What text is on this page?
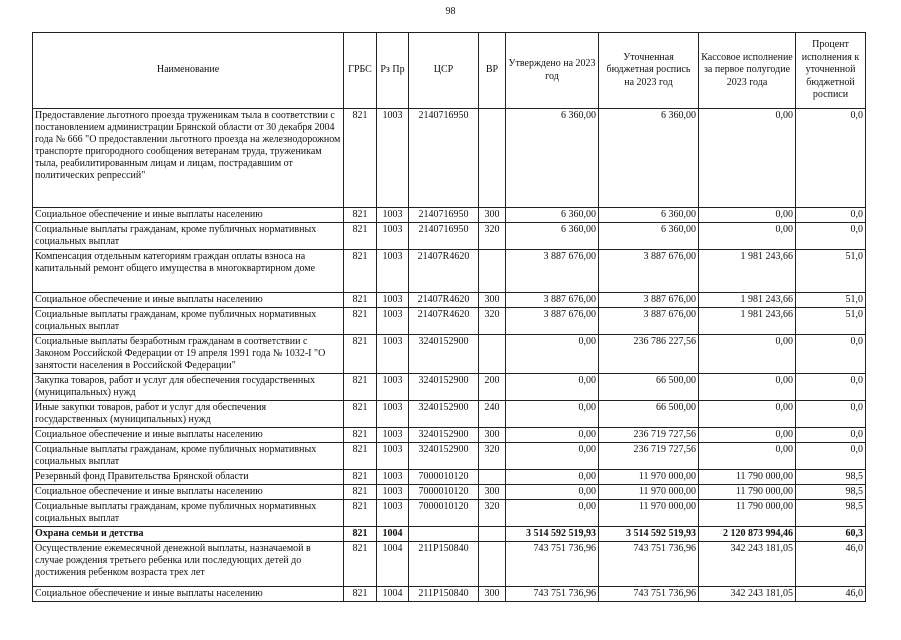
98
Наименование	ГРБС	Рз Пр	ЦСР	ВР	Утверждено на 2023 год	Уточненная бюджетная роспись на 2023 год	Кассовое исполнение за первое полугодие 2023 года	Процент исполнения к уточненной бюджетной росписи
Предоставление льготного проезда труженикам тыла в соответствии с постановлением администрации Брянской области от 30 декабря 2004 года № 666 "О предоставлении льготного проезда на железнодорожном транспорте пригородного сообщения ветеранам труда, труженикам тыла, реабилитированным лицам и лицам, пострадавшим от политических репрессий"	821	1003	2140716950		6 360,00	6 360,00	0,00	0,0
Социальное обеспечение и иные выплаты населению	821	1003	2140716950	300	6 360,00	6 360,00	0,00	0,0
Социальные выплаты гражданам, кроме публичных нормативных социальных выплат	821	1003	2140716950	320	6 360,00	6 360,00	0,00	0,0
Компенсация отдельным категориям граждан оплаты взноса на капитальный ремонт общего имущества в многоквартирном доме	821	1003	21407R4620		3 887 676,00	3 887 676,00	1 981 243,66	51,0
Социальное обеспечение и иные выплаты населению	821	1003	21407R4620	300	3 887 676,00	3 887 676,00	1 981 243,66	51,0
Социальные выплаты гражданам, кроме публичных нормативных социальных выплат	821	1003	21407R4620	320	3 887 676,00	3 887 676,00	1 981 243,66	51,0
Социальные выплаты безработным гражданам в соответствии с Законом Российской Федерации от 19 апреля 1991 года № 1032-I "О занятости населения в Российской Федерации"	821	1003	3240152900		0,00	236 786 227,56	0,00	0,0
Закупка товаров, работ и услуг для обеспечения государственных (муниципальных) нужд	821	1003	3240152900	200	0,00	66 500,00	0,00	0,0
Иные закупки товаров, работ и услуг для обеспечения государственных (муниципальных) нужд	821	1003	3240152900	240	0,00	66 500,00	0,00	0,0
Социальное обеспечение и иные выплаты населению	821	1003	3240152900	300	0,00	236 719 727,56	0,00	0,0
Социальные выплаты гражданам, кроме публичных нормативных социальных выплат	821	1003	3240152900	320	0,00	236 719 727,56	0,00	0,0
Резервный фонд Правительства Брянской области	821	1003	7000010120		0,00	11 970 000,00	11 790 000,00	98,5
Социальное обеспечение и иные выплаты населению	821	1003	7000010120	300	0,00	11 970 000,00	11 790 000,00	98,5
Социальные выплаты гражданам, кроме публичных нормативных социальных выплат	821	1003	7000010120	320	0,00	11 970 000,00	11 790 000,00	98,5
Охрана семьи и детства	821	1004			3 514 592 519,93	3 514 592 519,93	2 120 873 994,46	60,3
Осуществление ежемесячной денежной выплаты, назначаемой в случае рождения третьего ребенка или последующих детей до достижения ребенком возраста трех лет	821	1004	211P150840		743 751 736,96	743 751 736,96	342 243 181,05	46,0
Социальное обеспечение и иные выплаты населению	821	1004	211P150840	300	743 751 736,96	743 751 736,96	342 243 181,05	46,0
